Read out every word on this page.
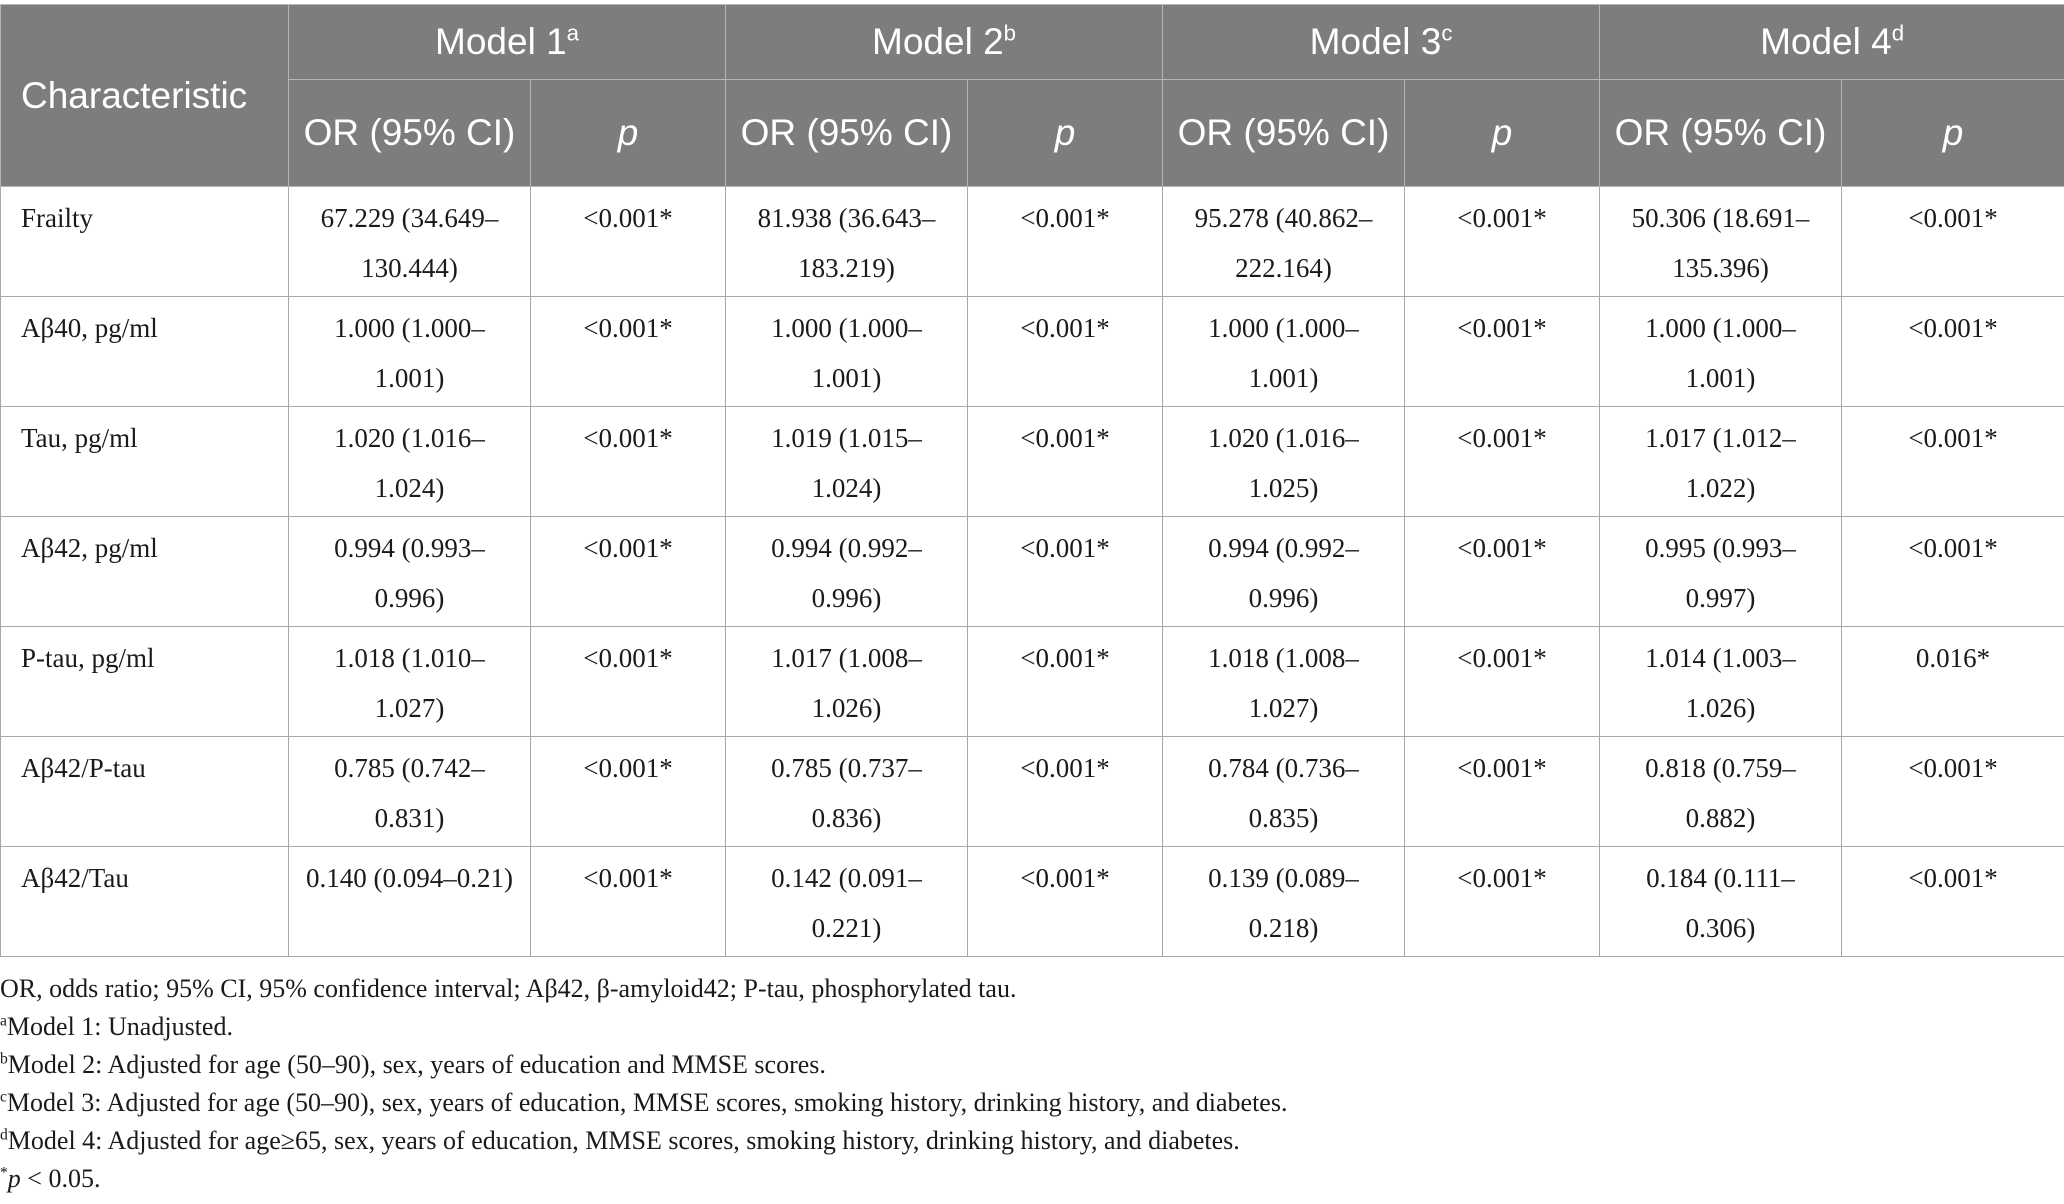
Characteristic	Model 1$^a$		Model 2$^b$		Model 3$^c$		Model 4$^d$
	OR (95% CI)	p	OR (95% CI)	p	OR (95% CI)	p	OR (95% CI)	p
Frailty	67.229 (34.649–130.444)	<0.001*	81.938 (36.643–183.219)	<0.001*	95.278 (40.862–222.164)	<0.001*	50.306 (18.691–135.396)	<0.001*
Aβ40, pg/ml	1.000 (1.000–1.001)	<0.001*	1.000 (1.000–1.001)	<0.001*	1.000 (1.000–1.001)	<0.001*	1.000 (1.000–1.001)	<0.001*
Tau, pg/ml	1.020 (1.016–1.024)	<0.001*	1.019 (1.015–1.024)	<0.001*	1.020 (1.016–1.025)	<0.001*	1.017 (1.012–1.022)	<0.001*
Aβ42, pg/ml	0.994 (0.993–0.996)	<0.001*	0.994 (0.992–0.996)	<0.001*	0.994 (0.992–0.996)	<0.001*	0.995 (0.993–0.997)	<0.001*
P-tau, pg/ml	1.018 (1.010–1.027)	<0.001*	1.017 (1.008–1.026)	<0.001*	1.018 (1.008–1.027)	<0.001*	1.014 (1.003–1.026)	0.016*
Aβ42/P-tau	0.785 (0.742–0.831)	<0.001*	0.785 (0.737–0.836)	<0.001*	0.784 (0.736–0.835)	<0.001*	0.818 (0.759–0.882)	<0.001*
Aβ42/Tau	0.140 (0.094–0.21)	<0.001*	0.142 (0.091–0.221)	<0.001*	0.139 (0.089–0.218)	<0.001*	0.184 (0.111–0.306)	<0.001*
OR, odds ratio; 95% CI, 95% confidence interval; Aβ42, β-amyloid42; P-tau, phosphorylated tau.
$^a$Model 1: Unadjusted.
$^b$Model 2: Adjusted for age (50–90), sex, years of education and MMSE scores.
$^c$Model 3: Adjusted for age (50–90), sex, years of education, MMSE scores, smoking history, drinking history, and diabetes.
$^d$Model 4: Adjusted for age≥65, sex, years of education, MMSE scores, smoking history, drinking history, and diabetes.
*p < 0.05.
